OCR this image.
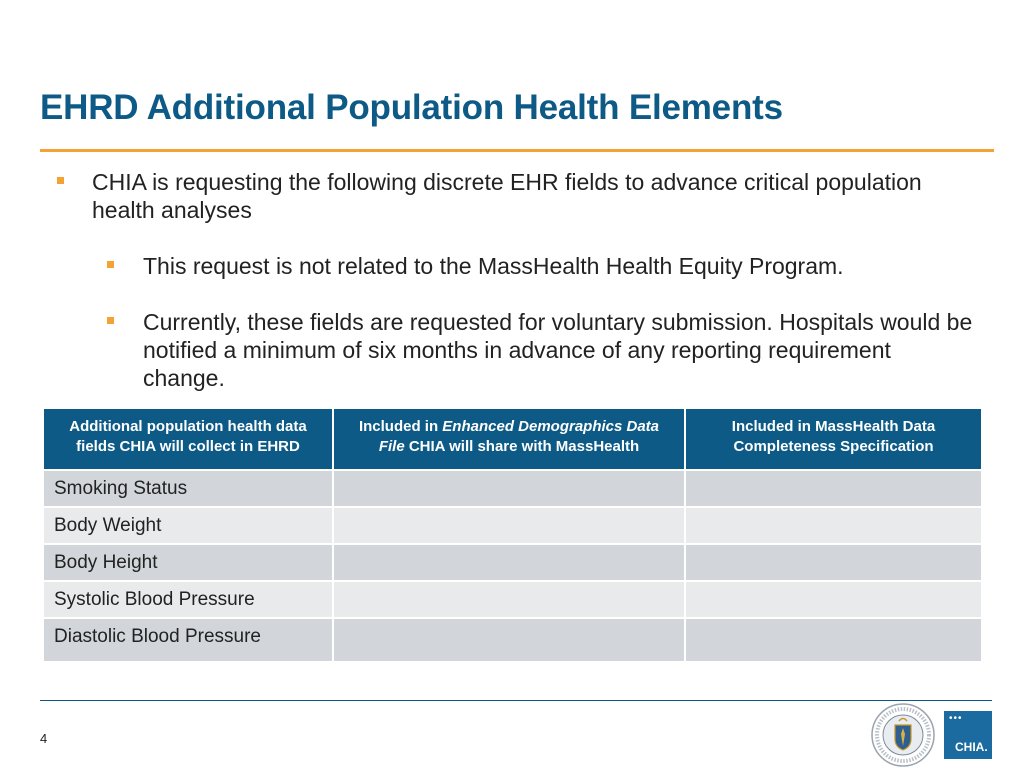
EHRD Additional Population Health Elements
CHIA is requesting the following discrete EHR fields to advance critical population health analyses
This request is not related to the MassHealth Health Equity Program.
Currently, these fields are requested for voluntary submission. Hospitals would be notified a minimum of six months in advance of any reporting requirement change.
Additional population health data fields CHIA will collect in EHRD	Included in Enhanced Demographics Data File CHIA will share with MassHealth	Included in MassHealth Data Completeness Specification
Smoking Status		
Body Weight		
Body Height		
Systolic Blood Pressure		
Diastolic Blood Pressure		
4
•••
CHIA.
